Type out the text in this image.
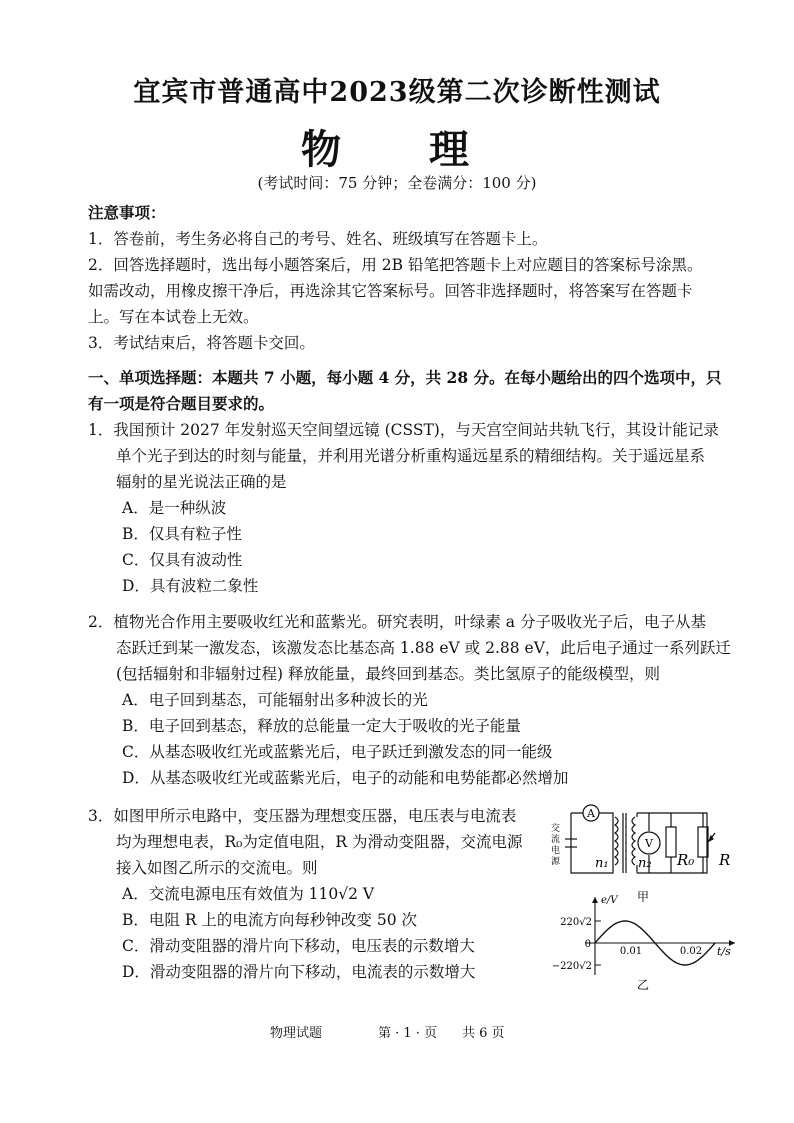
宜宾市普通高中2023级第二次诊断性测试
物　理
(考试时间：75 分钟；全卷满分：100 分)
注意事项：
1．答卷前，考生务必将自己的考号、姓名、班级填写在答题卡上。
2．回答选择题时，选出每小题答案后，用 2B 铅笔把答题卡上对应题目的答案标号涂黑。
如需改动，用橡皮擦干净后，再选涂其它答案标号。回答非选择题时，将答案写在答题卡
上。写在本试卷上无效。
3．考试结束后，将答题卡交回。
一、单项选择题：本题共 7 小题，每小题 4 分，共 28 分。在每小题给出的四个选项中，只
有一项是符合题目要求的。
1．我国预计 2027 年发射巡天空间望远镜 (CSST)，与天宫空间站共轨飞行，其设计能记录
单个光子到达的时刻与能量，并利用光谱分析重构遥远星系的精细结构。关于遥远星系
辐射的星光说法正确的是
A．是一种纵波
B．仅具有粒子性
C．仅具有波动性
D．具有波粒二象性
2．植物光合作用主要吸收红光和蓝紫光。研究表明，叶绿素 a 分子吸收光子后，电子从基
态跃迁到某一激发态，该激发态比基态高 1.88 eV 或 2.88 eV，此后电子通过一系列跃迁
(包括辐射和非辐射过程) 释放能量，最终回到基态。类比氢原子的能级模型，则
A．电子回到基态，可能辐射出多种波长的光
B．电子回到基态，释放的总能量一定大于吸收的光子能量
C．从基态吸收红光或蓝紫光后，电子跃迁到激发态的同一能级
D．从基态吸收红光或蓝紫光后，电子的动能和电势能都必然增加
3．如图甲所示电路中，变压器为理想变压器，电压表与电流表
均为理想电表，R₀为定值电阻，R 为滑动变阻器，交流电源
接入如图乙所示的交流电。则
A．交流电源电压有效值为 110√2 V
B．电阻 R 上的电流方向每秒钟改变 50 次
C．滑动变阻器的滑片向下移动，电压表的示数增大
D．滑动变阻器的滑片向下移动，电流表的示数增大
A
V
交
流
电
源	n₁ n₂ R₀ R
甲
e/V
t/s
220√2
−220√2
0
0.01	0.02
乙
物理试题	第 · 1 · 页 共 6 页
